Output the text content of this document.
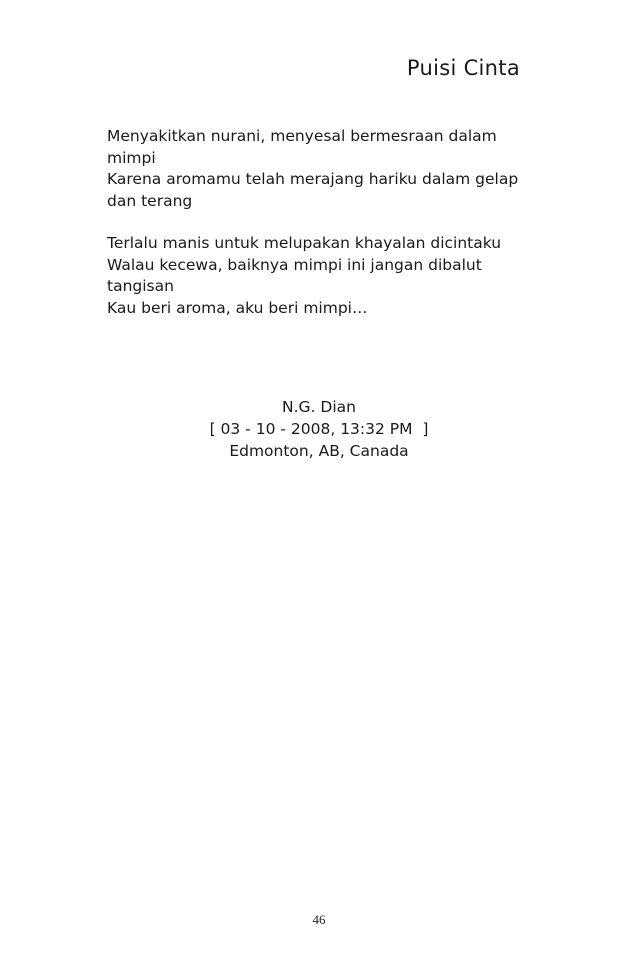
Puisi Cinta
Menyakitkan nurani, menyesal bermesraan dalam
mimpi
Karena aromamu telah merajang hariku dalam gelap
dan terang
Terlalu manis untuk melupakan khayalan dicintaku
Walau kecewa, baiknya mimpi ini jangan dibalut
tangisan
Kau beri aroma, aku beri mimpi…
N.G. Dian
[ 03 - 10 - 2008, 13:32 PM  ]
Edmonton, AB, Canada
46
